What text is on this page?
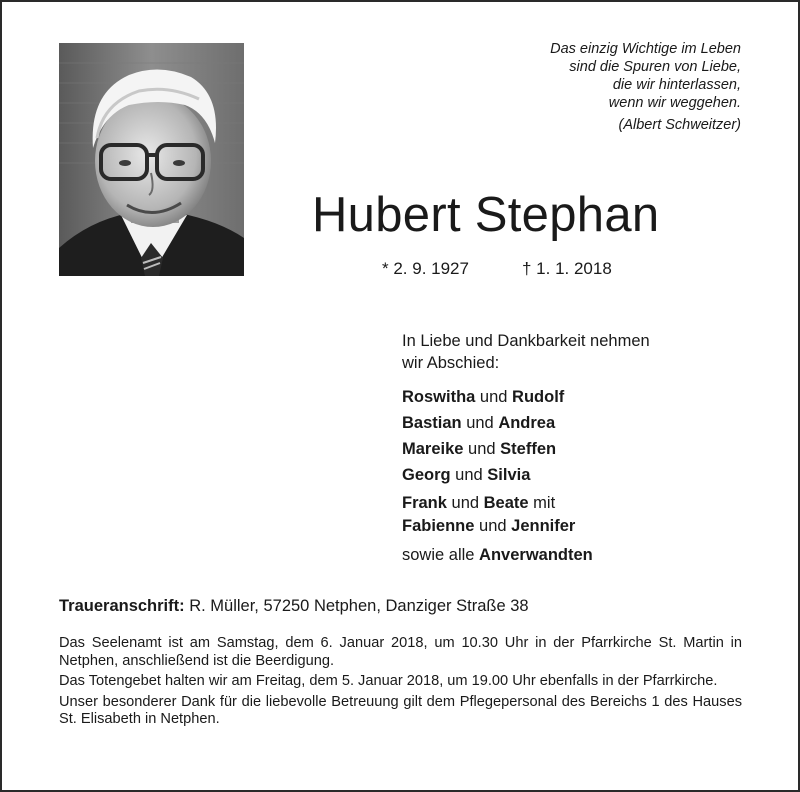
Das einzig Wichtige im Leben
sind die Spuren von Liebe,
die wir hinterlassen,
wenn wir weggehen.
(Albert Schweitzer)
Hubert Stephan
* 2. 9. 1927	† 1. 1. 2018
In Liebe und Dankbarkeit nehmen
wir Abschied:
Roswitha und Rudolf
Bastian und Andrea
Mareike und Steffen
Georg und Silvia
Frank und Beate mit
Fabienne und Jennifer
sowie alle Anverwandten
Traueranschrift: R. Müller, 57250 Netphen, Danziger Straße 38

Das Seelenamt ist am Samstag, dem 6. Januar 2018, um 10.30 Uhr in der Pfarrkirche St. Martin in Netphen, anschließend ist die Beerdigung.

Das Totengebet halten wir am Freitag, dem 5. Januar 2018, um 19.00 Uhr ebenfalls in der Pfarrkirche.

Unser besonderer Dank für die liebevolle Betreuung gilt dem Pflegepersonal des Bereichs 1 des Hauses St. Elisabeth in Netphen.
